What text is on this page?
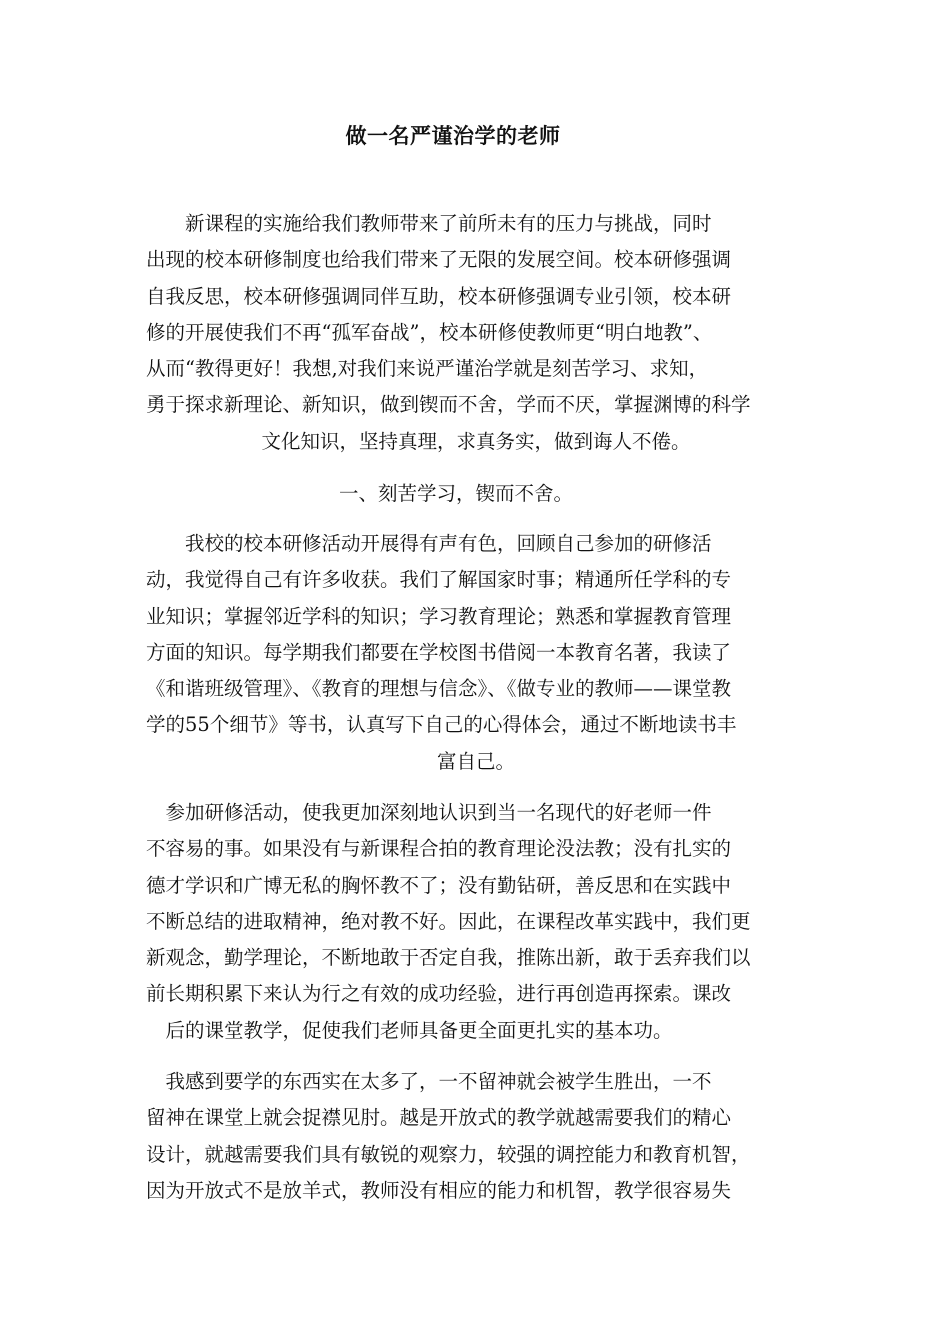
做一名严谨治学的老师
　　新课程的实施给我们教师带来了前所未有的压力与挑战，同时
出现的校本研修制度也给我们带来了无限的发展空间。校本研修强调
自我反思，校本研修强调同伴互助，校本研修强调专业引领，校本研
修的开展使我们不再“孤军奋战”，校本研修使教师更“明白地教”、
从而“教得更好！我想,对我们来说严谨治学就是刻苦学习、求知，
勇于探求新理论、新知识，做到锲而不舍，学而不厌，掌握渊博的科学
文化知识，坚持真理，求真务实，做到诲人不倦。
一、刻苦学习，锲而不舍。
　　我校的校本研修活动开展得有声有色，回顾自己参加的研修活
动，我觉得自己有许多收获。我们了解国家时事；精通所任学科的专
业知识；掌握邻近学科的知识；学习教育理论；熟悉和掌握教育管理
方面的知识。每学期我们都要在学校图书借阅一本教育名著，我读了
《和谐班级管理》、《教育的理想与信念》、《做专业的教师——课堂教
学的55个细节》等书，认真写下自己的心得体会，通过不断地读书丰
富自己。
　参加研修活动，使我更加深刻地认识到当一名现代的好老师一件
不容易的事。如果没有与新课程合拍的教育理论没法教；没有扎实的
德才学识和广博无私的胸怀教不了；没有勤钻研，善反思和在实践中
不断总结的进取精神，绝对教不好。因此，在课程改革实践中，我们更
新观念，勤学理论，不断地敢于否定自我，推陈出新，敢于丢弃我们以
前长期积累下来认为行之有效的成功经验，进行再创造再探索。课改
　后的课堂教学，促使我们老师具备更全面更扎实的基本功。
　我感到要学的东西实在太多了，一不留神就会被学生胜出，一不
留神在课堂上就会捉襟见肘。越是开放式的教学就越需要我们的精心
设计，就越需要我们具有敏锐的观察力，较强的调控能力和教育机智，
因为开放式不是放羊式，教师没有相应的能力和机智，教学很容易失
